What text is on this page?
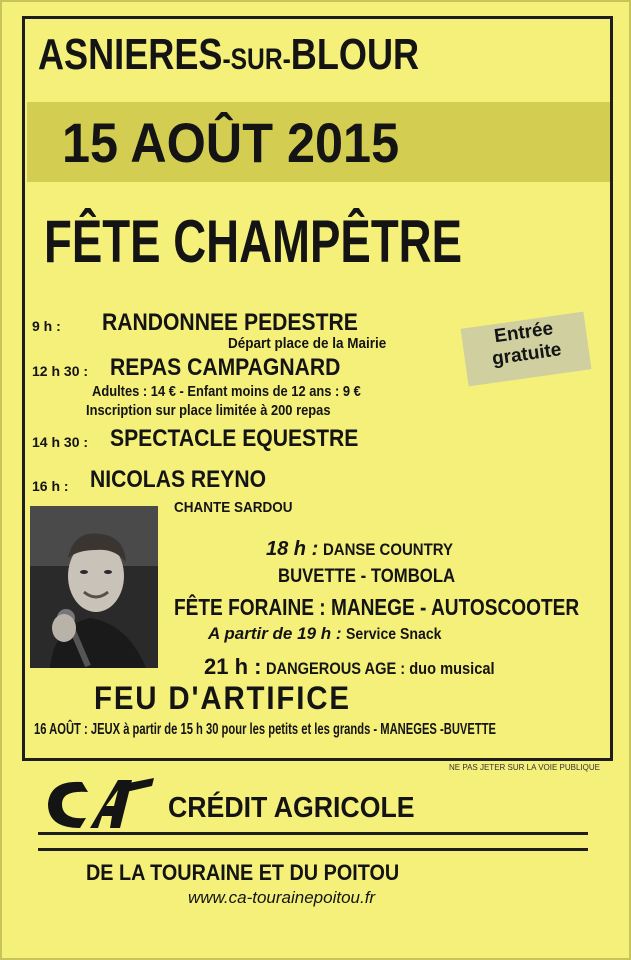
ASNIERES-SUR-BLOUR
15 AOÛT 2015
FÊTE CHAMPÊTRE
9 h : RANDONNEE PEDESTRE
Départ place de la Mairie	Entrée
gratuite
12 h 30 : REPAS CAMPAGNARD
Adultes : 14 € - Enfant moins de 12 ans : 9 €
Inscription sur place limitée à 200 repas
14 h 30 : SPECTACLE EQUESTRE
16 h : NICOLAS REYNO
CHANTE SARDOU
18 h : DANSE COUNTRY
BUVETTE - TOMBOLA
FÊTE FORAINE : MANEGE - AUTOSCOOTER
A partir de 19 h : Service Snack
21 h : DANGEROUS AGE : duo musical
FEU D'ARTIFICE
16 AOÛT : JEUX à partir de 15 h 30 pour les petits et les grands - MANEGES -BUVETTE
NE PAS JETER SUR LA VOIE PUBLIQUE
CRÉDIT AGRICOLE
DE LA TOURAINE ET DU POITOU
www.ca-tourainepoitou.fr
